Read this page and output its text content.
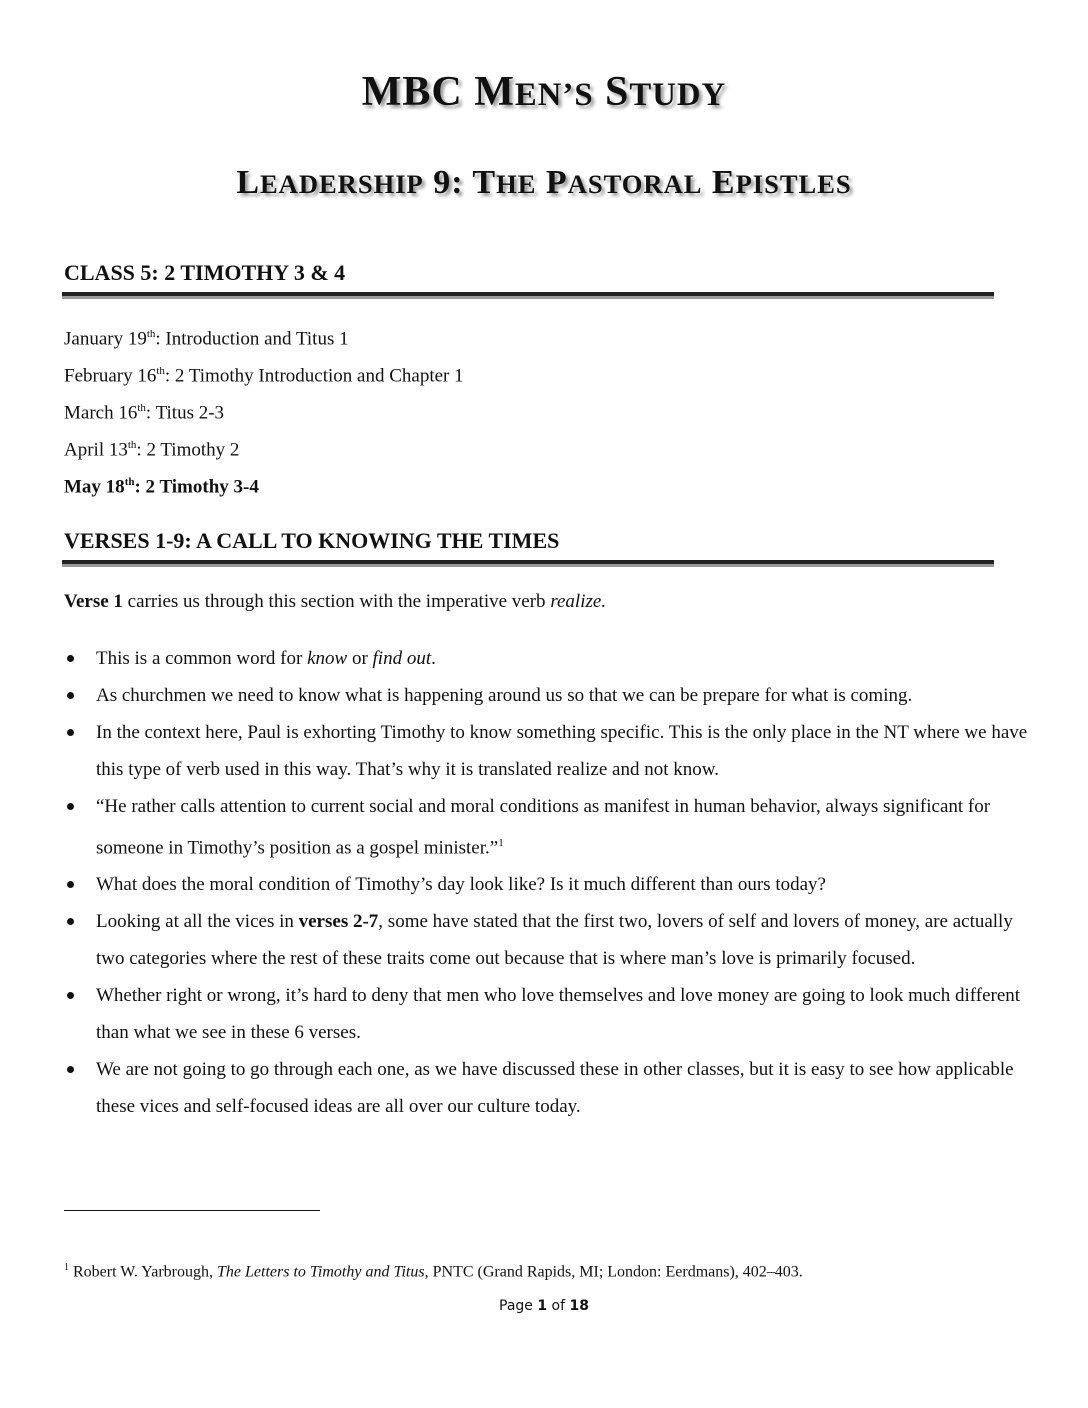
MBC MEN’S STUDY
LEADERSHIP 9: THE PASTORAL EPISTLES
CLASS 5: 2 TIMOTHY 3 & 4
January 19th: Introduction and Titus 1
February 16th: 2 Timothy Introduction and Chapter 1
March 16th: Titus 2-3
April 13th: 2 Timothy 2
May 18th: 2 Timothy 3-4
VERSES 1-9: A CALL TO KNOWING THE TIMES
Verse 1 carries us through this section with the imperative verb realize.
This is a common word for know or find out.
As churchmen we need to know what is happening around us so that we can be prepare for what is coming.
In the context here, Paul is exhorting Timothy to know something specific. This is the only place in the NT where we have this type of verb used in this way. That’s why it is translated realize and not know.
“He rather calls attention to current social and moral conditions as manifest in human behavior, always significant for someone in Timothy’s position as a gospel minister.”$^1$
What does the moral condition of Timothy’s day look like? Is it much different than ours today?
Looking at all the vices in verses 2-7, some have stated that the first two, lovers of self and lovers of money, are actually two categories where the rest of these traits come out because that is where man’s love is primarily focused.
Whether right or wrong, it’s hard to deny that men who love themselves and love money are going to look much different than what we see in these 6 verses.
We are not going to go through each one, as we have discussed these in other classes, but it is easy to see how applicable these vices and self-focused ideas are all over our culture today.
$^1$ Robert W. Yarbrough, The Letters to Timothy and Titus, PNTC (Grand Rapids, MI; London: Eerdmans), 402–403.
Page 1 of 18
